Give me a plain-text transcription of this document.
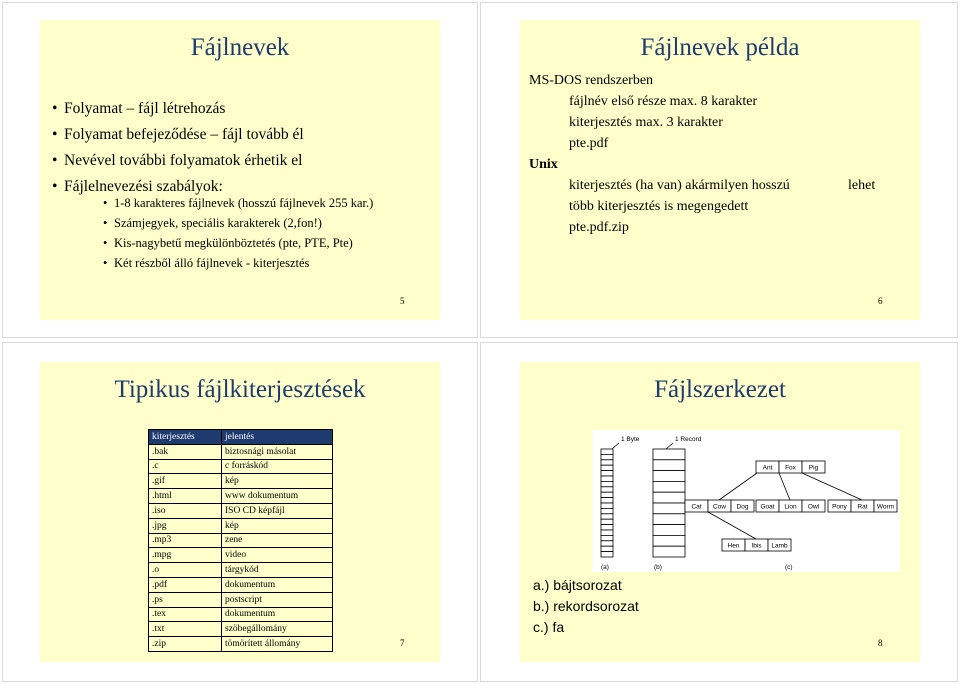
Fájlnevek
• Folyamat – fájl létrehozás
• Folyamat befejeződése – fájl tovább él
• Nevével további folyamatok érhetik el
• Fájlelnevezési szabályok:
• 1-8 karakteres fájlnevek (hosszú fájlnevek 255 kar.)
• Számjegyek, speciális karakterek (2,fon!)
• Kis-nagybetű megkülönböztetés (pte, PTE, Pte)
• Két részből álló fájlnevek - kiterjesztés
5
Fájlnevek példa
MS-DOS rendszerben
fájlnév első része max. 8 karakter
kiterjesztés max. 3 karakter
pte.pdf
Unix
kiterjesztés (ha van) akármilyen hosszú	lehet
több kiterjesztés is megengedett
pte.pdf.zip
6
Tipikus fájlkiterjesztések
kiterjesztés	jelentés
.bak	biztosnági másolat
.c	c forráskód
.gif	kép
.html	www dokumentum
.iso	ISO CD képfájl
.jpg	kép
.mp3	zene
.mpg	video
.o	tárgykód
.pdf	dokumentum
.ps	postscript
.tex	dokumentum
.txt	szöbegállomány
.zip	tömörített állomány	7
Fájlszerkezet
Ant Fox Pig
Cat Cow Dog Goat Lion Owl Pony Rat Worm
Hen Ibis Lamb
1 Byte	1 Record
(a)	(b)	(c)
a.) bájtsorozat
b.) rekordsorozat
c.) fa
8
